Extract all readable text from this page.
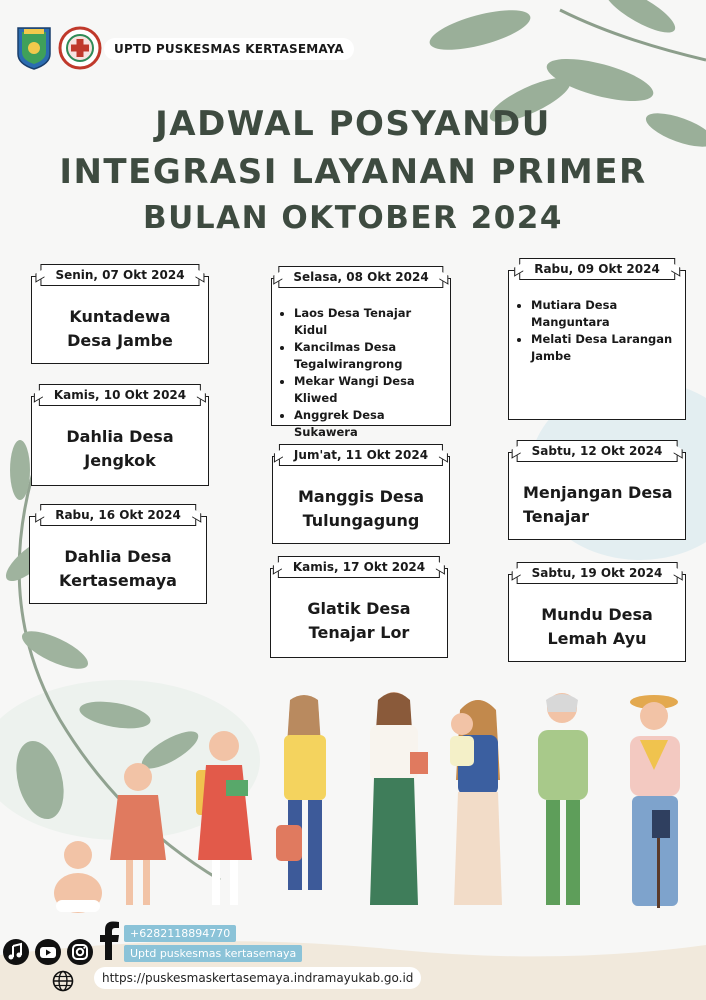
UPTD PUSKESMAS KERTASEMAYA
JADWAL POSYANDU
INTEGRASI LAYANAN PRIMER
BULAN OKTOBER 2024
Senin, 07 Okt 2024
Kuntadewa
Desa Jambe
Selasa, 08 Okt 2024
• Laos Desa Tenajar Kidul
• Kancilmas Desa Tegalwirangrong
• Mekar Wangi Desa Kliwed
• Anggrek Desa Sukawera
Rabu, 09 Okt 2024
• Mutiara Desa Manguntara
• Melati Desa Larangan Jambe
Kamis, 10 Okt 2024
Dahlia Desa
Jengkok	Jum'at, 11 Okt 2024
Manggis Desa
Tulungagung
Sabtu, 12 Okt 2024
Menjangan Desa
Tenajar
Rabu, 16 Okt 2024
Dahlia Desa
Kertasemaya
Kamis, 17 Okt 2024
Glatik Desa
Tenajar Lor
Sabtu, 19 Okt 2024
Mundu Desa
Lemah Ayu
+6282118894770
Uptd puskesmas kertasemaya
https://puskesmaskertasemaya.indramayukab.go.id
